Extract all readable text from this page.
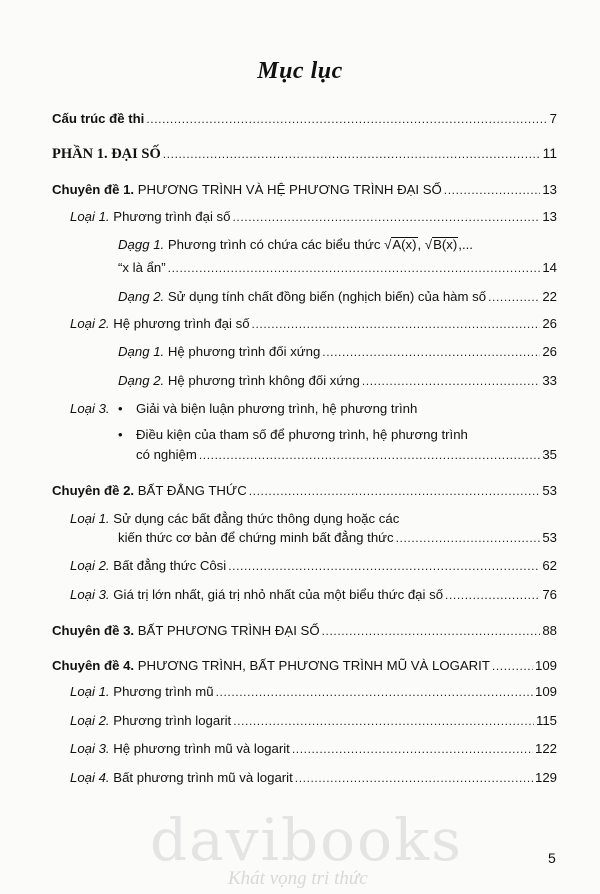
Mục lục
Cấu trúc đề thi .....	7
PHẦN 1. ĐẠI SỐ .....	11
Chuyên đề 1. PHƯƠNG TRÌNH VÀ HỆ PHƯƠNG TRÌNH ĐẠI SỐ .....	13
Loại 1. Phương trình đại số .....	13
Dạgg 1. Phương trình có chứa các biểu thức √A(x), √B(x),...
“x là ẩn” .....	14
Dạng 2. Sử dụng tính chất đồng biến (nghịch biến) của hàm số .....	22
Loại 2. Hệ phương trình đại số .....	26
Dạng 1. Hệ phương trình đối xứng .....	26
Dạng 2. Hệ phương trình không đối xứng .....	33
Loại 3. • Giải và biện luận phương trình, hệ phương trình
• Điều kiện của tham số để phương trình, hệ phương trình
có nghiệm .....	35
Chuyên đề 2. BẤT ĐẲNG THỨC .....	53
Loại 1. Sử dụng các bất đẳng thức thông dụng hoặc các
kiến thức cơ bản để chứng minh bất đẳng thức .....	53
Loại 2. Bất đẳng thức Côsi .....	62
Loại 3. Giá trị lớn nhất, giá trị nhỏ nhất của một biểu thức đại số .....	76
Chuyên đề 3. BẤT PHƯƠNG TRÌNH ĐẠI SỐ .....	88
Chuyên đề 4. PHƯƠNG TRÌNH, BẤT PHƯƠNG TRÌNH MŨ VÀ LOGARIT .....	109
Loại 1. Phương trình mũ .....	109
Loại 2. Phương trình logarit .....	115
Loại 3. Hệ phương trình mũ và logarit .....	122
Loại 4. Bất phương trình mũ và logarit .....	129
davibooks
Khát vọng tri thức
5
